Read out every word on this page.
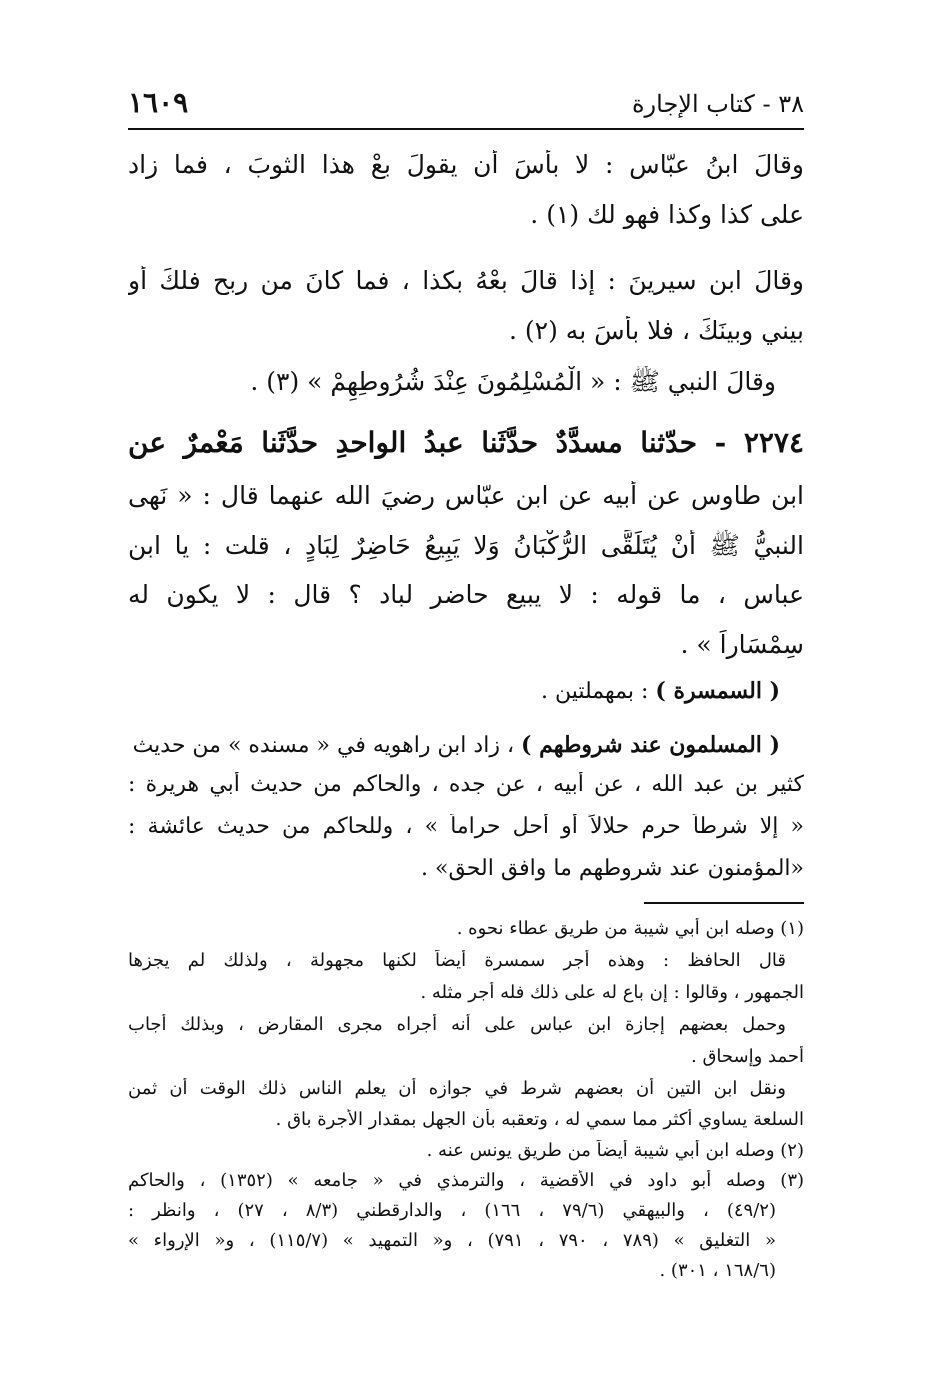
٣٨ - كتاب الإجارة
١٦٠٩
وقالَ ابنُ عبّاسٍ : لا بأسَ أن يقولَ بعْ هذا الثوبَ ، فما زاد
على كذا وكذا فهو لك (١) .
وقالَ ابن سيرينَ : إذا قالَ بعْهُ بكذا ، فما كانَ من ربحٍ فلكَ أو
بيني وبينَكَ ، فلا بأسَ به (٢) .
وقالَ النبي ﷺ : « الْمُسْلِمُونَ عِنْدَ شُرُوطِهِمْ » (٣) .
٢٢٧٤ - حدّثنا مسدَّدٌ حدَّثَنا عبدُ الواحدِ حدَّثَنا مَعْمرٌ عن
ابنِ طاوسٍ عن أبيه عن ابنِ عبّاسٍ رضيَ الله عنهما قال : « نَهى
النبيُّ ﷺ أَنْ يُتَلَقَّى الرُّكْبَانُ وَلا يَبِيعُ حَاضِرٌ لِبَادٍ ، قلت : يا ابن
عباس ، ما قوله : لا يبيع حاضر لباد ؟ قال : لا يكون له
سِمْسَاراً » .
( السمسرة ) : بمهملتين .
( المسلمون عند شروطهم ) ، زاد ابن راهويه في « مسنده » من حديث
كثير بن عبد الله ، عن أبيه ، عن جده ، والحاكم من حديث أبي هريرة :
« إلا شرطاً حرم حلالاً أو أحل حراماً » ، وللحاكم من حديث عائشة :
«المؤمنون عند شروطهم ما وافق الحق» .
(١) وصله ابن أبي شيبة من طريق عطاء نحوه .
قال الحافظ : وهذه أجر سمسرة أيضاً لكنها مجهولة ، ولذلك لم يجزها
الجمهور ، وقالوا : إن باع له على ذلك فله أجر مثله .
وحمل بعضهم إجازة ابن عباس على أنه أجراه مجرى المقارض ، وبذلك أجاب
أحمد وإسحاق .
ونقل ابن التين أن بعضهم شرط في جوازه أن يعلم الناس ذلك الوقت أن ثمن
السلعة يساوي أكثر مما سمي له ، وتعقبه بأن الجهل بمقدار الأجرة باق .
(٢) وصله ابن أبي شيبة أيضاً من طريق يونس عنه .
(٣) وصله أبو داود في الأقضية ، والترمذي في « جامعه » (١٣٥٢) ، والحاكم
(٤٩/٢) ، والبيهقي (٧٩/٦ ، ١٦٦) ، والدارقطني (٨/٣ ، ٢٧) ، وانظر :
« التغليق » (٧٨٩ ، ٧٩٠ ، ٧٩١) ، و« التمهيد » (١١٥/٧) ، و« الإرواء »
(١٦٨/٦ ، ٣٠١) .
